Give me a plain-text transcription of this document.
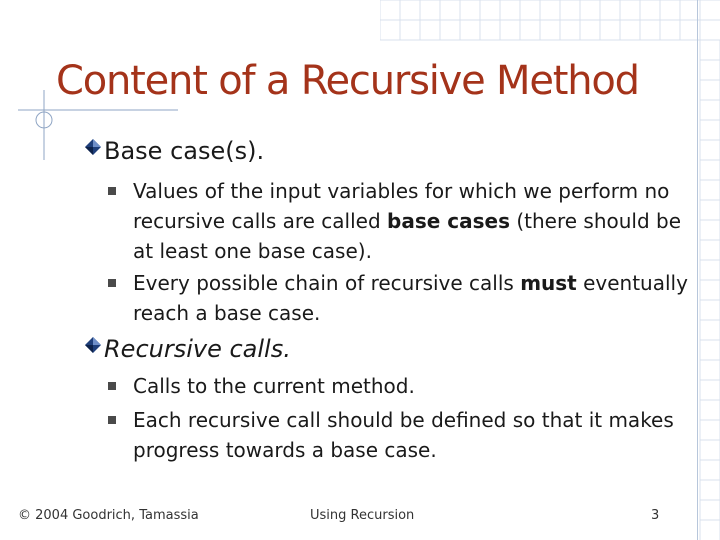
Content of a Recursive Method
Base case(s).
Values of the input variables for which we perform no recursive calls are called base cases (there should be at least one base case).
Every possible chain of recursive calls must eventually reach a base case.
Recursive calls.
Calls to the current method.
Each recursive call should be defined so that it makes progress towards a base case.
© 2004 Goodrich, Tamassia	Using Recursion	3
